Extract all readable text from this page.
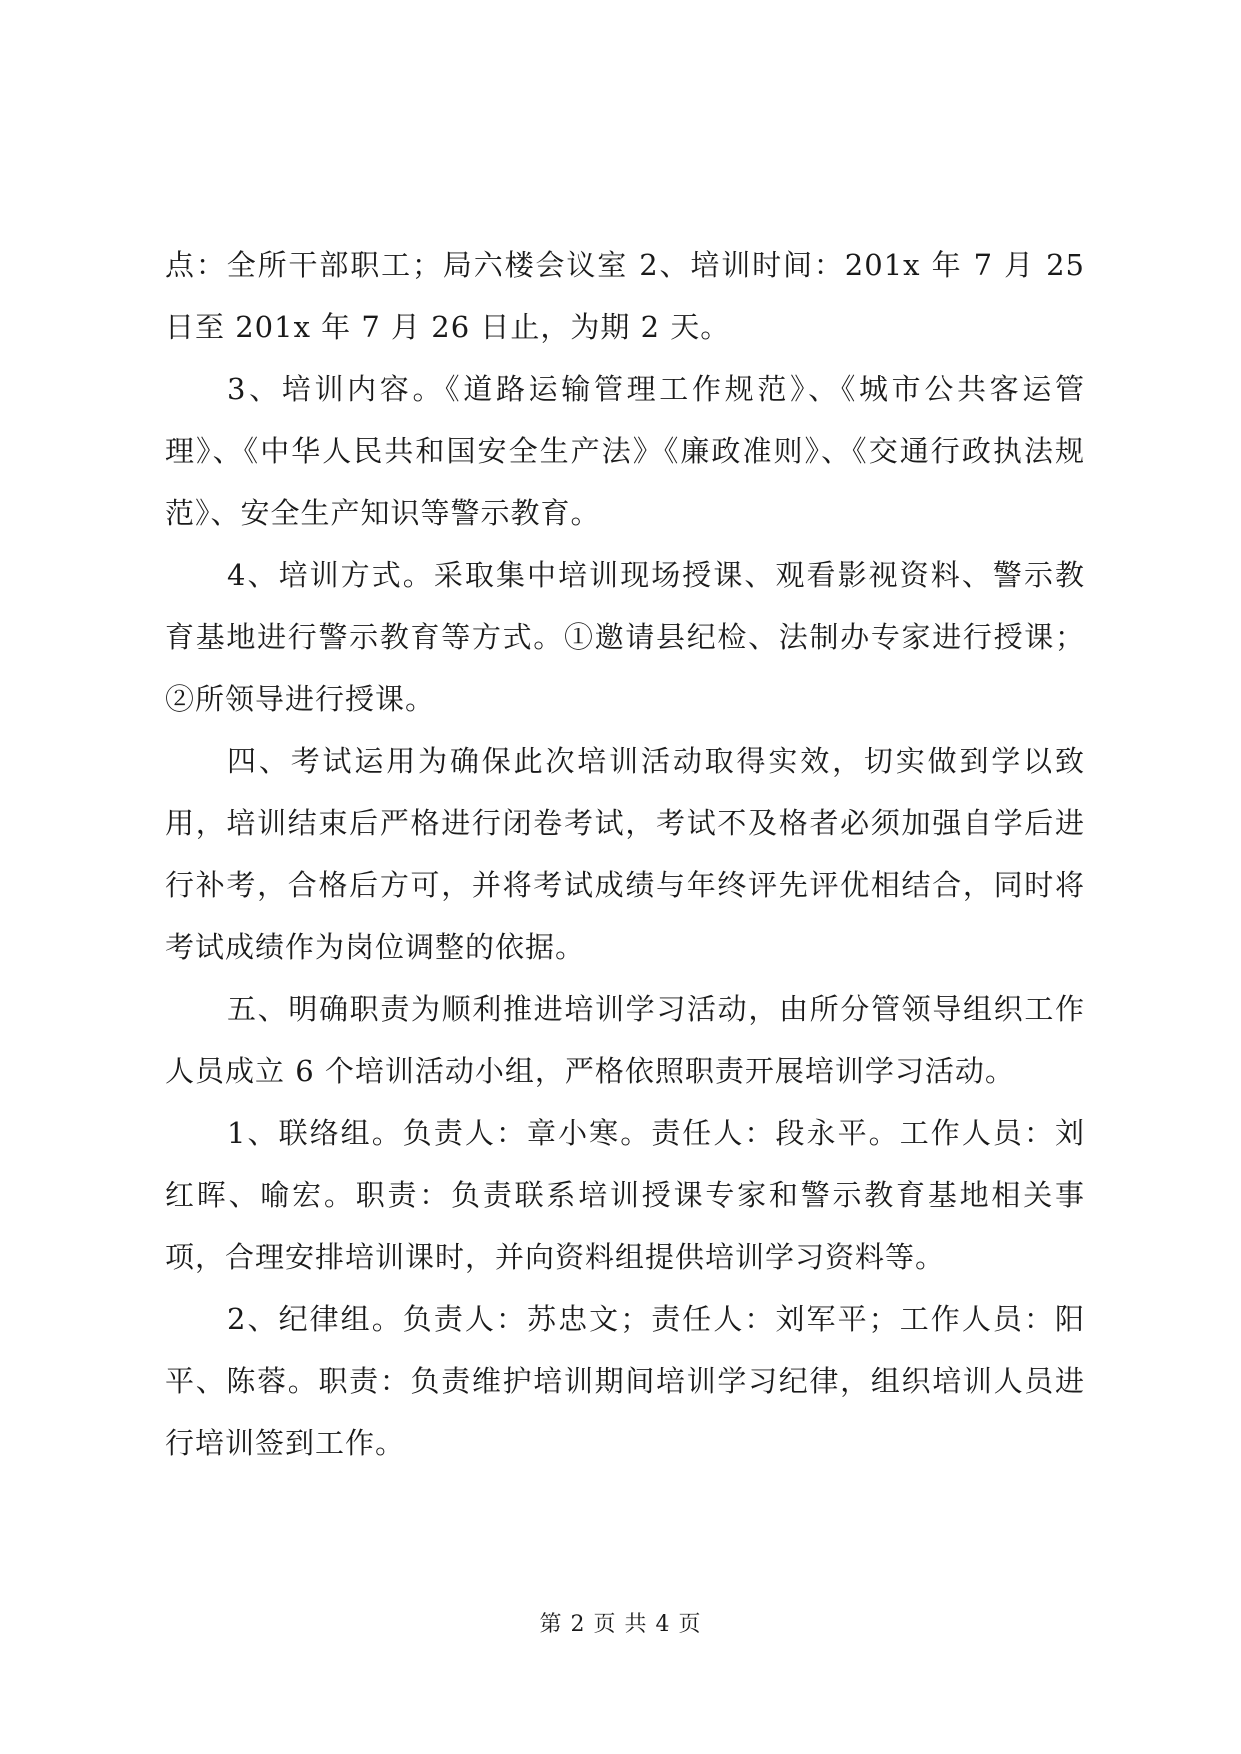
点：全所干部职工；局六楼会议室 2、培训时间：201x 年 7 月 25 日至 201x 年 7 月 26 日止，为期 2 天。

3、培训内容。《道路运输管理工作规范》、《城市公共客运管理》、《中华人民共和国安全生产法》《廉政准则》、《交通行政执法规范》、安全生产知识等警示教育。

4、培训方式。采取集中培训现场授课、观看影视资料、警示教育基地进行警示教育等方式。①邀请县纪检、法制办专家进行授课；②所领导进行授课。

四、考试运用为确保此次培训活动取得实效，切实做到学以致用，培训结束后严格进行闭卷考试，考试不及格者必须加强自学后进行补考，合格后方可，并将考试成绩与年终评先评优相结合，同时将考试成绩作为岗位调整的依据。

五、明确职责为顺利推进培训学习活动，由所分管领导组织工作人员成立 6 个培训活动小组，严格依照职责开展培训学习活动。

1、联络组。负责人：章小寒。责任人：段永平。工作人员：刘红晖、喻宏。职责：负责联系培训授课专家和警示教育基地相关事项，合理安排培训课时，并向资料组提供培训学习资料等。

2、纪律组。负责人：苏忠文；责任人：刘军平；工作人员：阳平、陈蓉。职责：负责维护培训期间培训学习纪律，组织培训人员进行培训签到工作。

第 2 页 共 4 页
